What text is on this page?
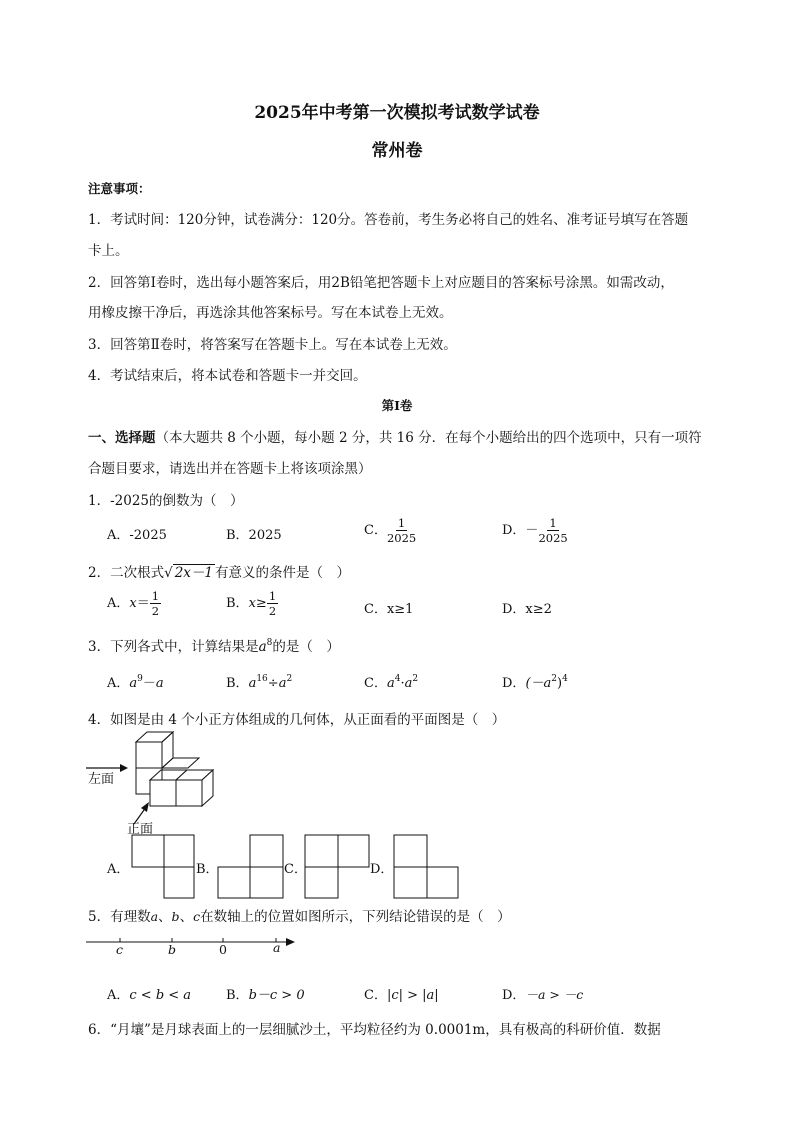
2025年中考第一次模拟考试数学试卷
常州卷
注意事项：
1．考试时间：120分钟，试卷满分：120分。答卷前，考生务必将自己的姓名、准考证号填写在答题
卡上。
2．回答第Ⅰ卷时，选出每小题答案后，用2B铅笔把答题卡上对应题目的答案标号涂黑。如需改动，
用橡皮擦干净后，再选涂其他答案标号。写在本试卷上无效。
3．回答第Ⅱ卷时，将答案写在答题卡上。写在本试卷上无效。
4．考试结束后，将本试卷和答题卡一并交回。
第Ⅰ卷
一、选择题（本大题共 8 个小题，每小题 2 分，共 16 分．在每个小题给出的四个选项中，只有一项符
合题目要求，请选出并在答题卡上将该项涂黑）
1．-2025的倒数为（　）
A．-2025	B．2025	C． $\frac{1}{2025}$	D．－ $\frac{1}{2025}$
2．二次根式√ 2x－1 有意义的条件是（　）
A．$x= \frac{1}{2}$	B．$x\ge \frac{1}{2}$	C．x≥1	D．x≥2
3．下列各式中，计算结果是$a^8$的是（　）
A．$a^9-a$	B．$a^{16}\div a^2$	C．$a^4\cdot a^2$	D．$(-a^2)^4$
4．如图是由 4 个小正方体组成的几何体，从正面看的平面图是（　）
左面
正面
A．	B．	C．	D．
5．有理数a、b、c在数轴上的位置如图所示，下列结论错误的是（　）
c	b	0	a
A．c < b < a	B．b－c > 0	C．|c| > |a|	D．－a > －c
6．“月壤”是月球表面上的一层细腻沙土，平均粒径约为 0.0001m，具有极高的科研价值．数据
